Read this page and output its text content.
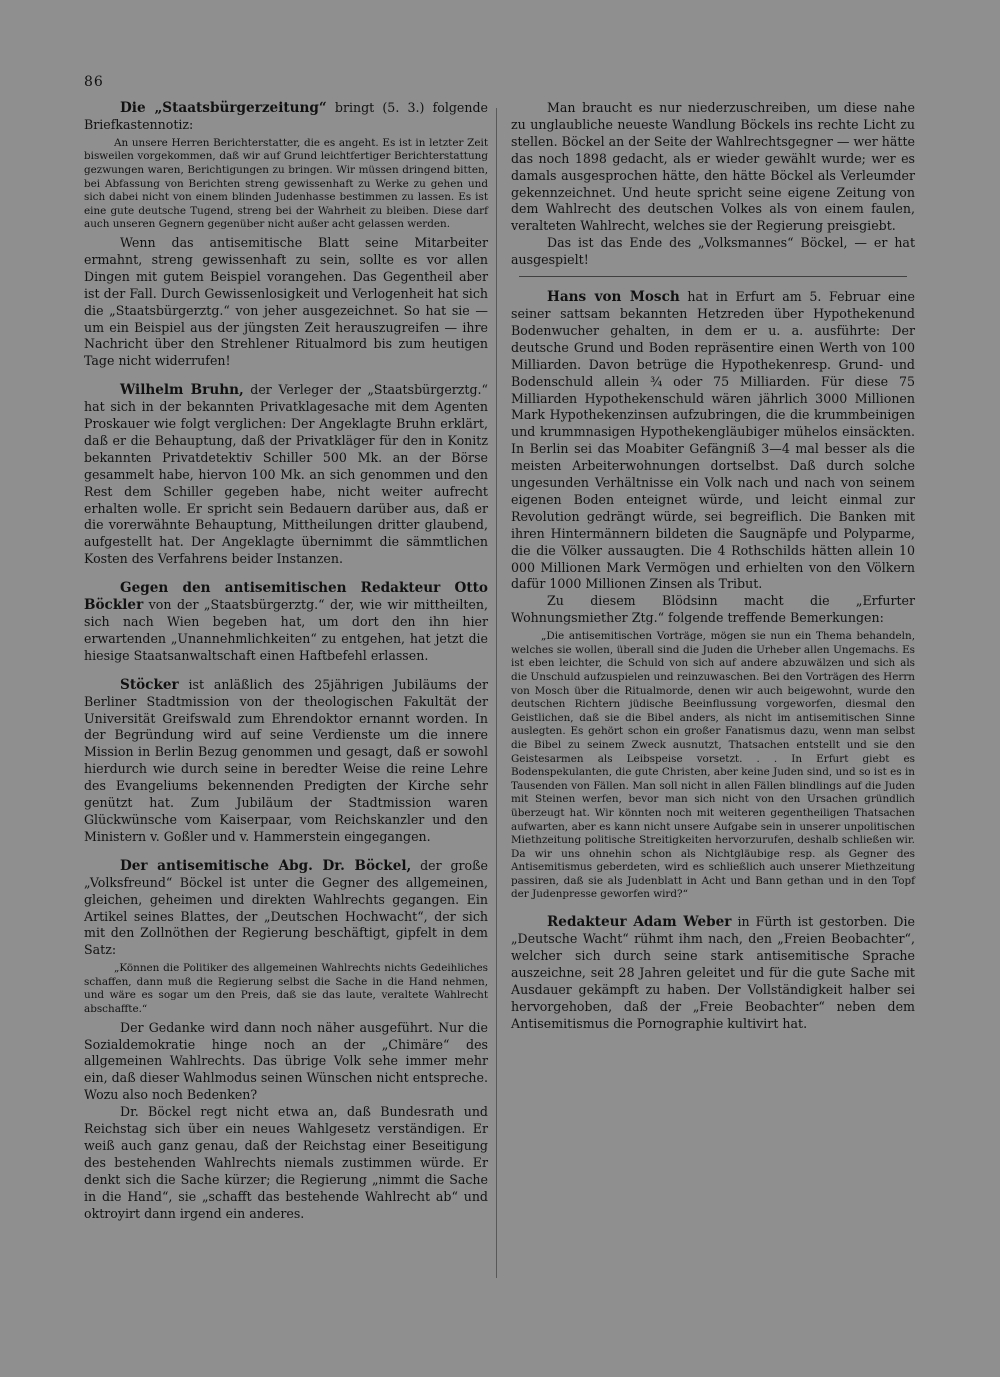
86

Die „Staatsbürgerzeitung“ bringt (5. 3.) folgende Briefkastennotiz:

An unsere Herren Berichterstatter, die es angeht. Es ist in letzter Zeit bisweilen vorgekommen, daß wir auf Grund leichtfertiger Berichterstattung gezwungen waren, Berichtigungen zu bringen. Wir müssen dringend bitten, bei Abfassung von Berichten streng gewissenhaft zu Werke zu gehen und sich dabei nicht von einem blinden Judenhasse bestimmen zu lassen. Es ist eine gute deutsche Tugend, streng bei der Wahrheit zu bleiben. Diese darf auch unseren Gegnern gegenüber nicht außer acht gelassen werden.

Wenn das antisemitische Blatt seine Mitarbeiter ermahnt, streng gewissenhaft zu sein, sollte es vor allen Dingen mit gutem Beispiel vorangehen. Das Gegentheil aber ist der Fall. Durch Gewissenlosigkeit und Verlogenheit hat sich die „Staatsbürgerztg.“ von jeher ausgezeichnet. So hat sie — um ein Beispiel aus der jüngsten Zeit herauszugreifen — ihre Nachricht über den Strehlener Ritualmord bis zum heutigen Tage nicht widerrufen!

Wilhelm Bruhn, der Verleger der „Staatsbürgerztg.“ hat sich in der bekannten Privatklagesache mit dem Agenten Proskauer wie folgt verglichen: Der Angeklagte Bruhn erklärt, daß er die Behauptung, daß der Privatkläger für den in Konitz bekannten Privatdetektiv Schiller 500 Mk. an der Börse gesammelt habe, hiervon 100 Mk. an sich genommen und den Rest dem Schiller gegeben habe, nicht weiter aufrecht erhalten wolle. Er spricht sein Bedauern darüber aus, daß er die vorerwähnte Behauptung, Mittheilungen dritter glaubend, aufgestellt hat. Der Angeklagte übernimmt die sämmtlichen Kosten des Verfahrens beider Instanzen.

Gegen den antisemitischen Redakteur Otto Böckler von der „Staatsbürgerztg.“ der, wie wir mittheilten, sich nach Wien begeben hat, um dort den ihn hier erwartenden „Unannehmlichkeiten“ zu entgehen, hat jetzt die hiesige Staatsanwaltschaft einen Haftbefehl erlassen.

Stöcker ist anläßlich des 25jährigen Jubiläums der Berliner Stadtmission von der theologischen Fakultät der Universität Greifswald zum Ehrendoktor ernannt worden. In der Begründung wird auf seine Verdienste um die innere Mission in Berlin Bezug genommen und gesagt, daß er sowohl hierdurch wie durch seine in beredter Weise die reine Lehre des Evangeliums bekennenden Predigten der Kirche sehr genützt hat. Zum Jubiläum der Stadtmission waren Glückwünsche vom Kaiserpaar, vom Reichskanzler und den Ministern v. Goßler und v. Hammerstein eingegangen.

Der antisemitische Abg. Dr. Böckel, der große „Volksfreund“ Böckel ist unter die Gegner des allgemeinen, gleichen, geheimen und direkten Wahlrechts gegangen. Ein Artikel seines Blattes, der „Deutschen Hochwacht“, der sich mit den Zollnöthen der Regierung beschäftigt, gipfelt in dem Satz:

„Können die Politiker des allgemeinen Wahlrechts nichts Gedeihliches schaffen, dann muß die Regierung selbst die Sache in die Hand nehmen, und wäre es sogar um den Preis, daß sie das laute, veraltete Wahlrecht abschaffte.“

Der Gedanke wird dann noch näher ausgeführt. Nur die Sozialdemokratie hinge noch an der „Chimäre“ des allgemeinen Wahlrechts. Das übrige Volk sehe immer mehr ein, daß dieser Wahlmodus seinen Wünschen nicht entspreche. Wozu also noch Bedenken?

Dr. Böckel regt nicht etwa an, daß Bundesrath und Reichstag sich über ein neues Wahlgesetz verständigen. Er weiß auch ganz genau, daß der Reichstag einer Beseitigung des bestehenden Wahlrechts niemals zustimmen würde. Er denkt sich die Sache kürzer; die Regierung „nimmt die Sache in die Hand“, sie „schafft das bestehende Wahlrecht ab“ und oktroyirt dann irgend ein anderes.

Man braucht es nur niederzuschreiben, um diese nahe zu unglaubliche neueste Wandlung Böckels ins rechte Licht zu stellen. Böckel an der Seite der Wahlrechtsgegner — wer hätte das noch 1898 gedacht, als er wieder gewählt wurde; wer es damals ausgesprochen hätte, den hätte Böckel als Verleumder gekennzeichnet. Und heute spricht seine eigene Zeitung von dem Wahlrecht des deutschen Volkes als von einem faulen, veralteten Wahlrecht, welches sie der Regierung preisgiebt.

Das ist das Ende des „Volksmannes“ Böckel, — er hat ausgespielt!

Hans von Mosch hat in Erfurt am 5. Februar eine seiner sattsam bekannten Hetzreden über Hypothekenund Bodenwucher gehalten, in dem er u. a. ausführte: Der deutsche Grund und Boden repräsentire einen Werth von 100 Milliarden. Davon betrüge die Hypothekenresp. Grund- und Bodenschuld allein ¾ oder 75 Milliarden. Für diese 75 Milliarden Hypothekenschuld wären jährlich 3000 Millionen Mark Hypothekenzinsen aufzubringen, die die krummbeinigen und krummnasigen Hypothekengläubiger mühelos einsäckten. In Berlin sei das Moabiter Gefängniß 3—4 mal besser als die meisten Arbeiterwohnungen dortselbst. Daß durch solche ungesunden Verhältnisse ein Volk nach und nach von seinem eigenen Boden enteignet würde, und leicht einmal zur Revolution gedrängt würde, sei begreiflich. Die Banken mit ihren Hintermännern bildeten die Saugnäpfe und Polyparme, die die Völker aussaugten. Die 4 Rothschilds hätten allein 10 000 Millionen Mark Vermögen und erhielten von den Völkern dafür 1000 Millionen Zinsen als Tribut.

Zu diesem Blödsinn macht die „Erfurter Wohnungsmiether Ztg.“ folgende treffende Bemerkungen:

„Die antisemitischen Vorträge, mögen sie nun ein Thema behandeln, welches sie wollen, überall sind die Juden die Urheber allen Ungemachs. Es ist eben leichter, die Schuld von sich auf andere abzuwälzen und sich als die Unschuld aufzuspielen und reinzuwaschen. Bei den Vorträgen des Herrn von Mosch über die Ritualmorde, denen wir auch beigewohnt, wurde den deutschen Richtern jüdische Beeinflussung vorgeworfen, diesmal den Geistlichen, daß sie die Bibel anders, als nicht im antisemitischen Sinne auslegten. Es gehört schon ein großer Fanatismus dazu, wenn man selbst die Bibel zu seinem Zweck ausnutzt, Thatsachen entstellt und sie den Geistesarmen als Leibspeise vorsetzt. . . In Erfurt giebt es Bodenspekulanten, die gute Christen, aber keine Juden sind, und so ist es in Tausenden von Fällen. Man soll nicht in allen Fällen blindlings auf die Juden mit Steinen werfen, bevor man sich nicht von den Ursachen gründlich überzeugt hat. Wir könnten noch mit weiteren gegentheiligen Thatsachen aufwarten, aber es kann nicht unsere Aufgabe sein in unserer unpolitischen Miethzeitung politische Streitigkeiten hervorzurufen, deshalb schließen wir. Da wir uns ohnehin schon als Nichtgläubige resp. als Gegner des Antisemitismus geberdeten, wird es schließlich auch unserer Miethzeitung passiren, daß sie als Judenblatt in Acht und Bann gethan und in den Topf der Judenpresse geworfen wird?“

Redakteur Adam Weber in Fürth ist gestorben. Die „Deutsche Wacht“ rühmt ihm nach, den „Freien Beobachter“, welcher sich durch seine stark antisemitische Sprache auszeichne, seit 28 Jahren geleitet und für die gute Sache mit Ausdauer gekämpft zu haben. Der Vollständigkeit halber sei hervorgehoben, daß der „Freie Beobachter“ neben dem Antisemitismus die Pornographie kultivirt hat.
